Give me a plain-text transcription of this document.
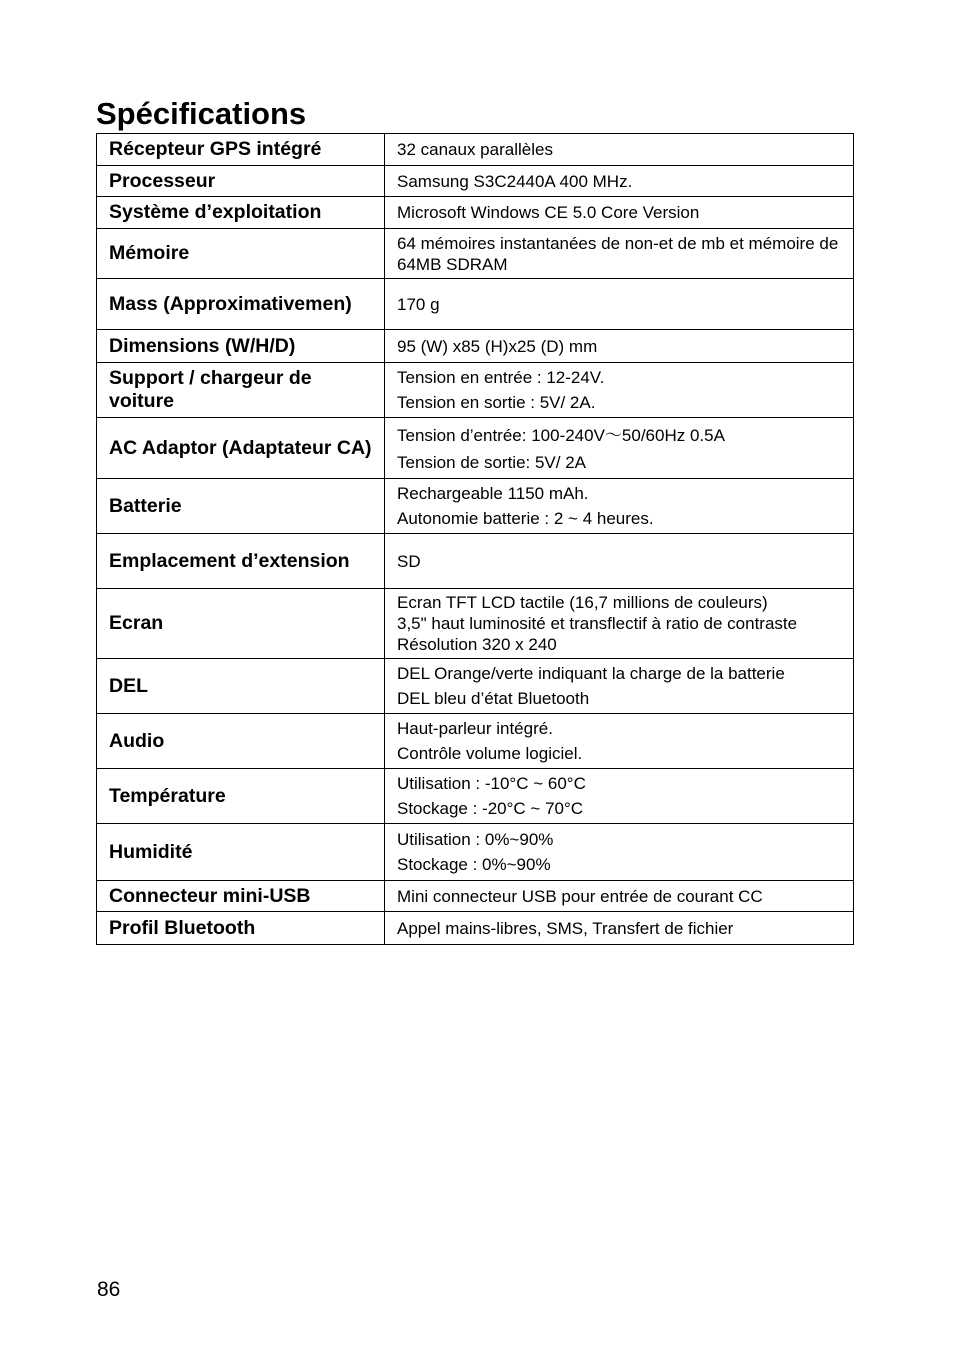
Spécifications
Récepteur GPS intégré	32 canaux parallèles

Processeur	Samsung S3C2440A 400 MHz.

Système d’exploitation	Microsoft Windows CE 5.0 Core Version

Mémoire	64 mémoires instantanées de non-et de mb et mémoire de 64MB SDRAM

Mass (Approximativemen)	170 g

Dimensions (W/H/D)	95 (W) x85 (H)x25 (D) mm

Support / chargeur de voiture	Tension en entrée : 12-24V.
Tension en sortie : 5V/ 2A.

AC Adaptor (Adaptateur CA)	Tension d’entrée: 100-240V～50/60Hz 0.5A
Tension de sortie: 5V/ 2A

Batterie	Rechargeable 1150 mAh.
Autonomie batterie : 2 ~ 4 heures.

Emplacement d’extension	SD

Ecran	Ecran TFT LCD tactile (16,7 millions de couleurs)
3,5" haut luminosité et transflectif à ratio de contraste
Résolution 320 x 240

DEL	DEL Orange/verte indiquant la charge de la batterie
DEL bleu d’état Bluetooth

Audio	Haut-parleur intégré.
Contrôle volume logiciel.

Température	Utilisation : -10°C ~ 60°C
Stockage : -20°C ~ 70°C

Humidité	Utilisation : 0%~90%
Stockage : 0%~90%

Connecteur mini-USB	Mini connecteur USB pour entrée de courant CC

Profil Bluetooth	Appel mains-libres, SMS, Transfert de fichier
86
